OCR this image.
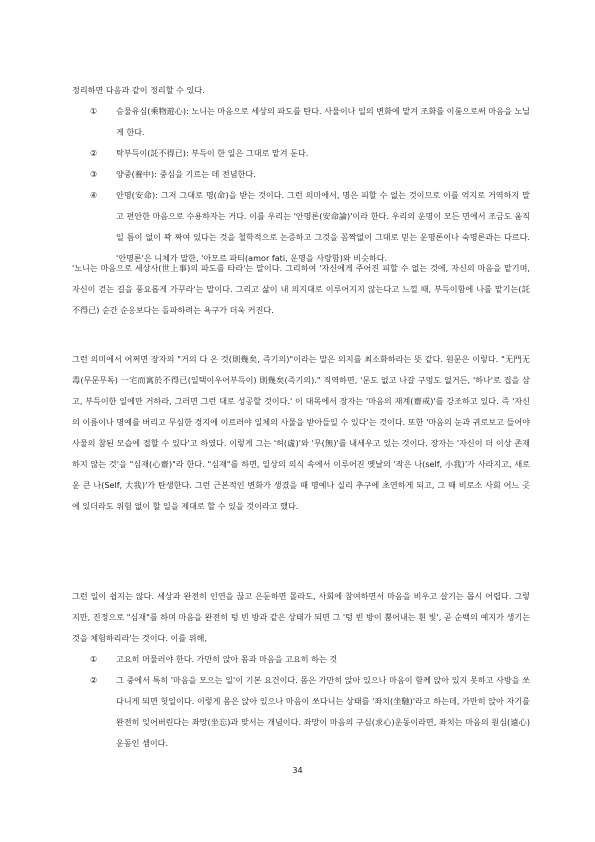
정리하면 다음과 같이 정리할 수 있다.

① 승물유심(乘物遊心): 노니는 마음으로 세상의 파도를 탄다. 사물이나 일의 변화에 맡겨 조화를 이룸으로써 마음을 노닐게 한다.
② 탁부득이(託不得已): 부득이 한 일은 그대로 맡겨 둔다.
③ 양중(養中): 중심을 기르는 데 전념한다.
④ 안명(安命): 그저 그대로 명(命)을 받는 것이다. 그런 의미에서, 명은 피할 수 없는 것이므로 이를 억지로 거역하지 말고 편안한 마음으로 수용하자는 거다. 이를 우리는 '안명론(安命論)'이라 한다. 우리의 운명이 모든 면에서 조금도 움직일 틈이 없이 꽉 짜여 있다는 것을 철학적으로 논증하고 그것을 꼼짝없이 그대로 믿는 운명론이나 숙명론과는 다르다. '안명론'은 니체가 말한, '아모르 파티(amor fati, 운명을 사랑함)와 비슷하다.

'노니는 마음으로 세상사(世上事)의 파도를 타라'는 말이다. 그리하여 '자신에게 주어진 피할 수 없는 것에, 자신의 마음을 맡기며, 자신이 걷는 길을 풍요롭게 가꾸라'는 말이다. 그리고 삶이 내 의지대로 이루어지지 않는다고 느낄 때, 부득이함에 나를 맡기는(託不得已) 순간 순응보다는 돌파하려는 욕구가 더욱 커진다.

그런 의미에서 어쩌면 장자의 "거의 다 온 것(則幾矣, 즉기의)"이라는 말은 의지를 최소화하라는 뜻 같다. 원문은 이렇다. "无門无毒(무문무독) 一宅而寓於不得已(일택이우어부득이) 則幾矣(즉기의)." 직역하면, '문도 없고 나갈 구멍도 없거든, '하나'로 집을 삼고, 부득이한 일에만 거하라, 그러면 그런 대로 성공할 것이다.' 이 대목에서 장자는 '마음의 재계(齋戒)'를 강조하고 있다. 즉 '자신의 이름이나 명예를 버리고 무심한 경지에 이르러야 일체의 사물을 받아들일 수 있다'는 것이다. 또한 '마음의 눈과 귀로보고 들어야 사물의 참된 모습에 접할 수 있다'고 하였다. 이렇게 그는 '허(虛)'와 '무(無)'를 내세우고 있는 것이다. 장자는 '자신이 더 이상 존재하지 않는 것'을 "심재(心齋)"라 한다. "심재"를 하면, 일상의 의식 속에서 이루어진 옛날의 '작은 나(self, 小我)'가 사라지고, 새로운 큰 나(Self, 大我)'가 탄생한다. 그런 근본적인 변화가 생겼을 때 명예나 실리 추구에 초연하게 되고, 그 때 비로소 사회 어느 곳에 있더라도 위험 없이 할 일을 제대로 할 수 있을 것이라고 했다.

그런 일이 쉽지는 않다. 세상과 완전히 인연을 끊고 은둔하면 몰라도, 사회에 참여하면서 마음을 비우고 살기는 몹시 어렵다. 그렇지만, 진정으로 "심재"를 하며 마음을 완전히 텅 빈 방과 같은 상태가 되면 그 '텅 빈 방이 뿜어내는 흰 빛', 곧 순백의 예지가 생기는 것을 체험하리라'는 것이다. 이를 위해,

① 고요히 머물러야 한다. 가만히 앉아 몸과 마음을 고요히 하는 것
② 그 중에서 특히 '마음을 모으는 일'이 기본 요건이다. 몸은 가만히 앉아 있으나 마음이 함께 앉아 있지 못하고 사방을 쏘다니게 되면 헛일이다. 이렇게 몸은 앉아 있으나 마음이 쏘다니는 상태를 '좌치(坐馳)'라고 하는데, 가만히 앉아 자기를 완전히 잊어버린다는 좌망(坐忘)과 맞서는 개념이다. 좌망이 마음의 구심(求心)운동이라면, 좌치는 마음의 원심(遠心) 운동인 셈이다.
34
